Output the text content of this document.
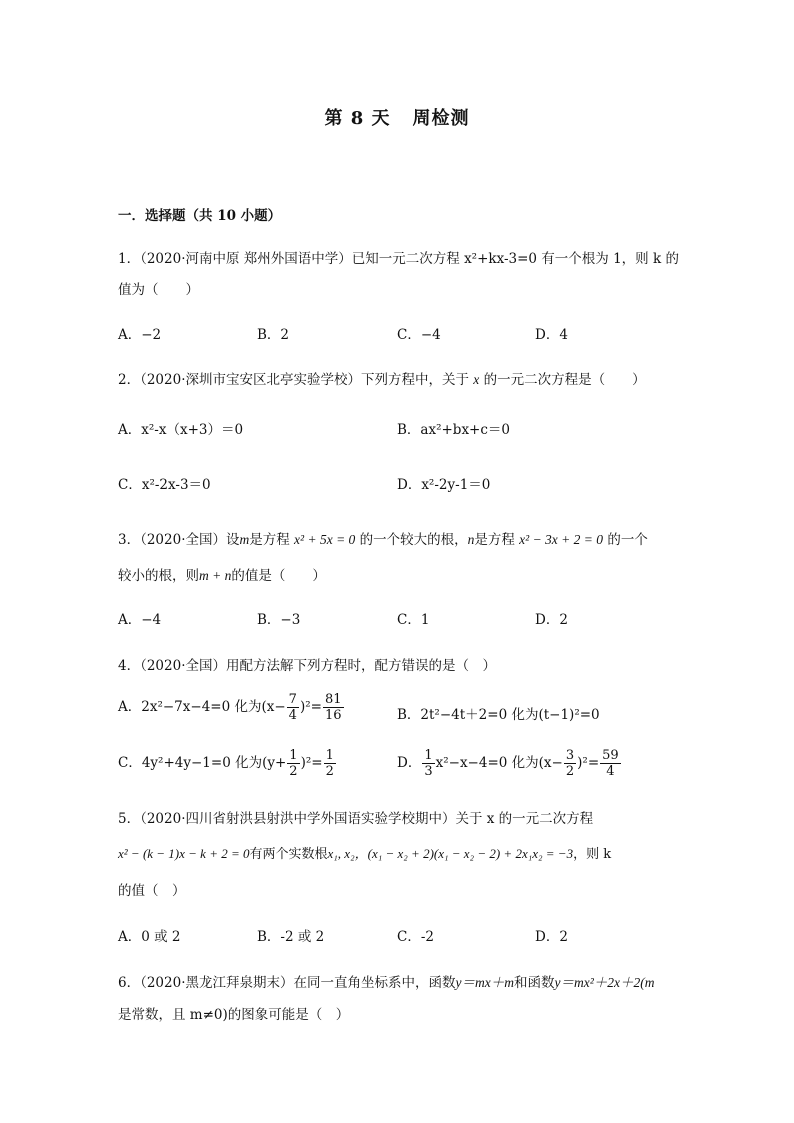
第 8 天 周检测
一．选择题（共 10 小题）
1．（2020·河南中原 郑州外国语中学）已知一元二次方程 x²+kx-3=0 有一个根为 1，则 k 的
值为（　　）
A．−2	B．2	C．−4	D．4
2．（2020·深圳市宝安区北亭实验学校）下列方程中，关于 x 的一元二次方程是（　　）
A．x²-x（x+3）＝0	B．ax²+bx+c＝0
C．x²-2x-3＝0	D．x²-2y-1＝0
3．（2020·全国）设m是方程 x² + 5x = 0 的一个较大的根，n是方程 x² − 3x + 2 = 0 的一个
较小的根，则m + n的值是（　　）
A．−4	B．−3	C．1	D．2
4．（2020·全国）用配方法解下列方程时，配方错误的是（　）
A．2x²−7x−4=0 化为$(x- \frac{7}{4} )^2= \frac{81}{16}$	B．2t²−4t＋2=0 化为(t−1)²=0
C．4y²+4y−1=0 化为$(y+ \frac{1}{2} )^2= \frac{1}{2}$	D． $\frac{1}{3} x^2-x-4=0$ 化为$(x- \frac{3}{2} )^2= \frac{59}{4}$
5．（2020·四川省射洪县射洪中学外国语实验学校期中）关于 x 的一元二次方程
x² − (k − 1)x − k + 2 = 0有两个实数根x₁, x₂，(x₁ − x₂ + 2)(x₁ − x₂ − 2) + 2x₁x₂ = −3，则 k
的值（　）
A．0 或 2	B．-2 或 2	C．-2	D．2
6．（2020·黑龙江拜泉期末）在同一直角坐标系中，函数y＝mx＋m和函数y＝mx²＋2x＋2(m
是常数，且 m≠0)的图象可能是（　）
